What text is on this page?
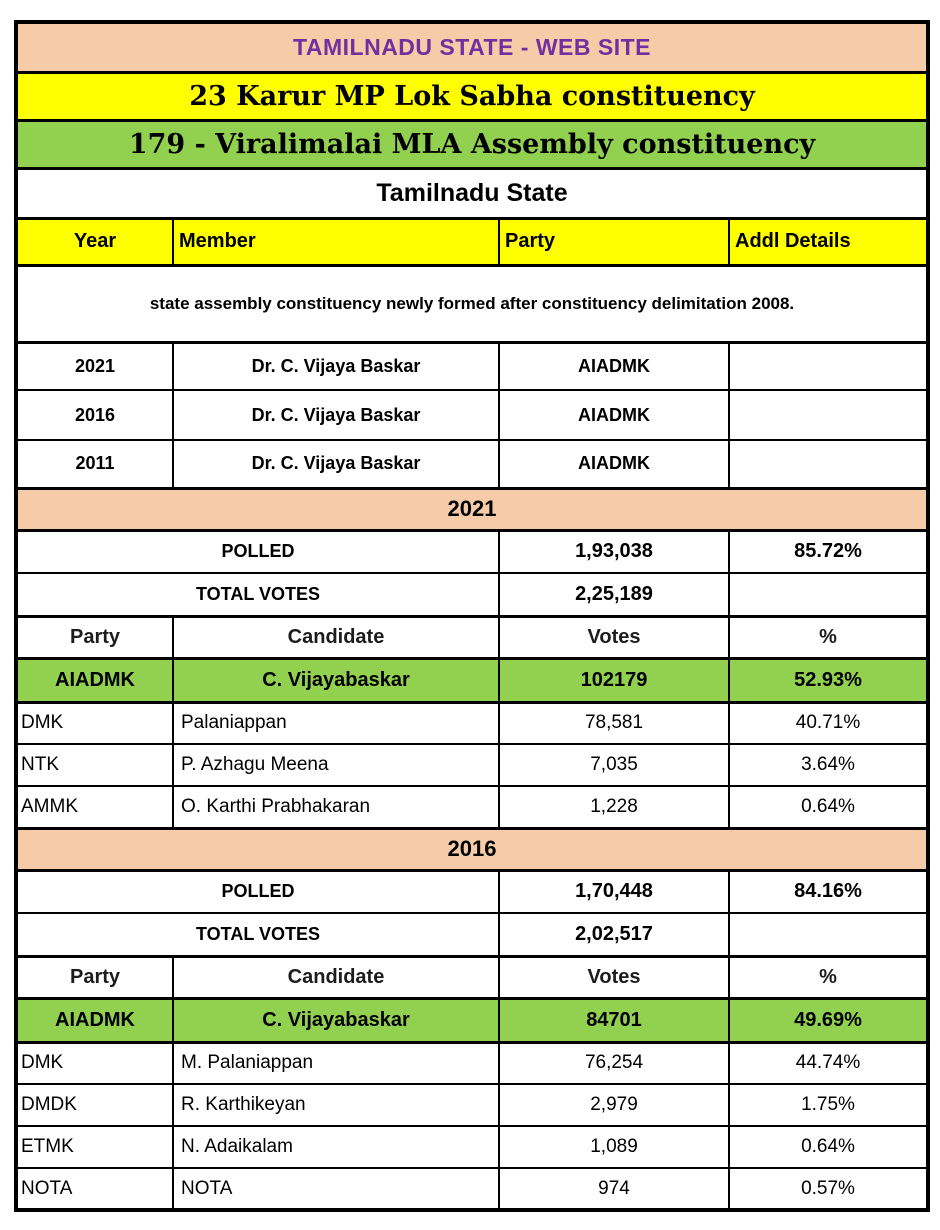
TAMILNADU STATE - WEB SITE			
23 Karur MP Lok Sabha constituency			
179 - Viralimalai MLA Assembly constituency			
Tamilnadu State			
Year	Member	Party	Addl Details
state assembly constituency newly formed after constituency delimitation 2008.			
2021	Dr. C. Vijaya Baskar	AIADMK	
2016	Dr. C. Vijaya Baskar	AIADMK	
2011	Dr. C. Vijaya Baskar	AIADMK	
2021			
POLLED		1,93,038	85.72%
TOTAL VOTES		2,25,189	
Party	Candidate	Votes	%
AIADMK	C. Vijayabaskar	102179	52.93%
DMK	Palaniappan	78,581	40.71%
NTK	P. Azhagu Meena	7,035	3.64%
AMMK	O. Karthi Prabhakaran	1,228	0.64%
2016			
POLLED		1,70,448	84.16%
TOTAL VOTES		2,02,517	
Party	Candidate	Votes	%
AIADMK	C. Vijayabaskar	84701	49.69%
DMK	M. Palaniappan	76,254	44.74%
DMDK	R. Karthikeyan	2,979	1.75%
ETMK	N. Adaikalam	1,089	0.64%
NOTA	NOTA	974	0.57%
